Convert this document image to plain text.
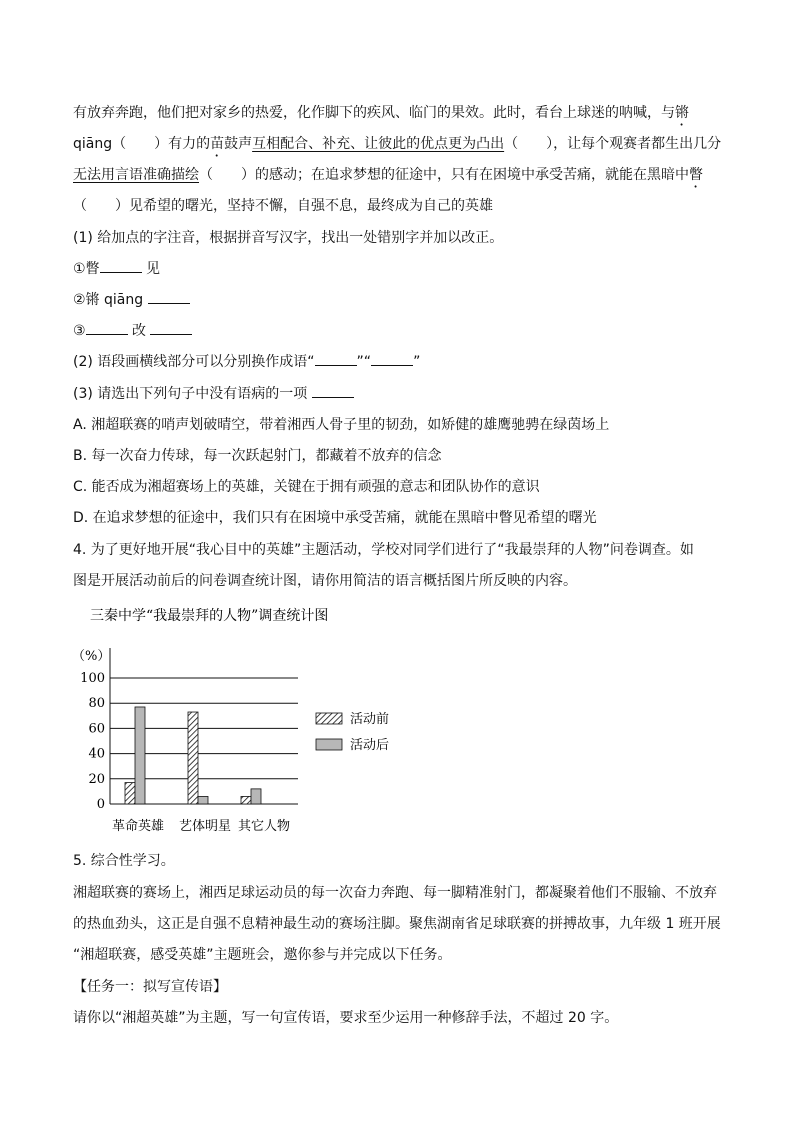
有放弃奔跑，他们把对家乡的热爱，化作脚下的疾风、临门的果效。此时，看台上球迷的呐喊，与锵
qiāng（　　）有力的苗鼓声互相配合、补充、让彼此的优点更为凸出（　　），让每个观赛者都生出几分
无法用言语准确描绘（　　）的感动；在追求梦想的征途中，只有在困境中承受苦痛，就能在黑暗中瞥
（　　）见希望的曙光，坚持不懈，自强不息，最终成为自己的英雄
(1) 给加点的字注音，根据拼音写汉字，找出一处错别字并加以改正。
①瞥	见
②锵 qiāng
③	改
(2) 语段画横线部分可以分别换作成语“	”“	”
(3) 请选出下列句子中没有语病的一项
A. 湘超联赛的哨声划破晴空，带着湘西人骨子里的韧劲，如矫健的雄鹰驰骋在绿茵场上
B. 每一次奋力传球，每一次跃起射门，都藏着不放弃的信念
C. 能否成为湘超赛场上的英雄，关键在于拥有顽强的意志和团队协作的意识
D. 在追求梦想的征途中，我们只有在困境中承受苦痛，就能在黑暗中瞥见希望的曙光
4. 为了更好地开展“我心目中的英雄”主题活动，学校对同学们进行了“我最崇拜的人物”问卷调查。如
图是开展活动前后的问卷调查统计图，请你用简洁的语言概括图片所反映的内容。
三秦中学“我最崇拜的人物”调查统计图
（%）
0
20
40
60
80
100
革命英雄 艺体明星 其它人物
活动前
活动后
5. 综合性学习。
湘超联赛的赛场上，湘西足球运动员的每一次奋力奔跑、每一脚精准射门，都凝聚着他们不服输、不放弃
的热血劲头，这正是自强不息精神最生动的赛场注脚。聚焦湖南省足球联赛的拼搏故事，九年级 1 班开展
“湘超联赛，感受英雄”主题班会，邀你参与并完成以下任务。
【任务一：拟写宣传语】
请你以“湘超英雄”为主题，写一句宣传语，要求至少运用一种修辞手法，不超过 20 字。
